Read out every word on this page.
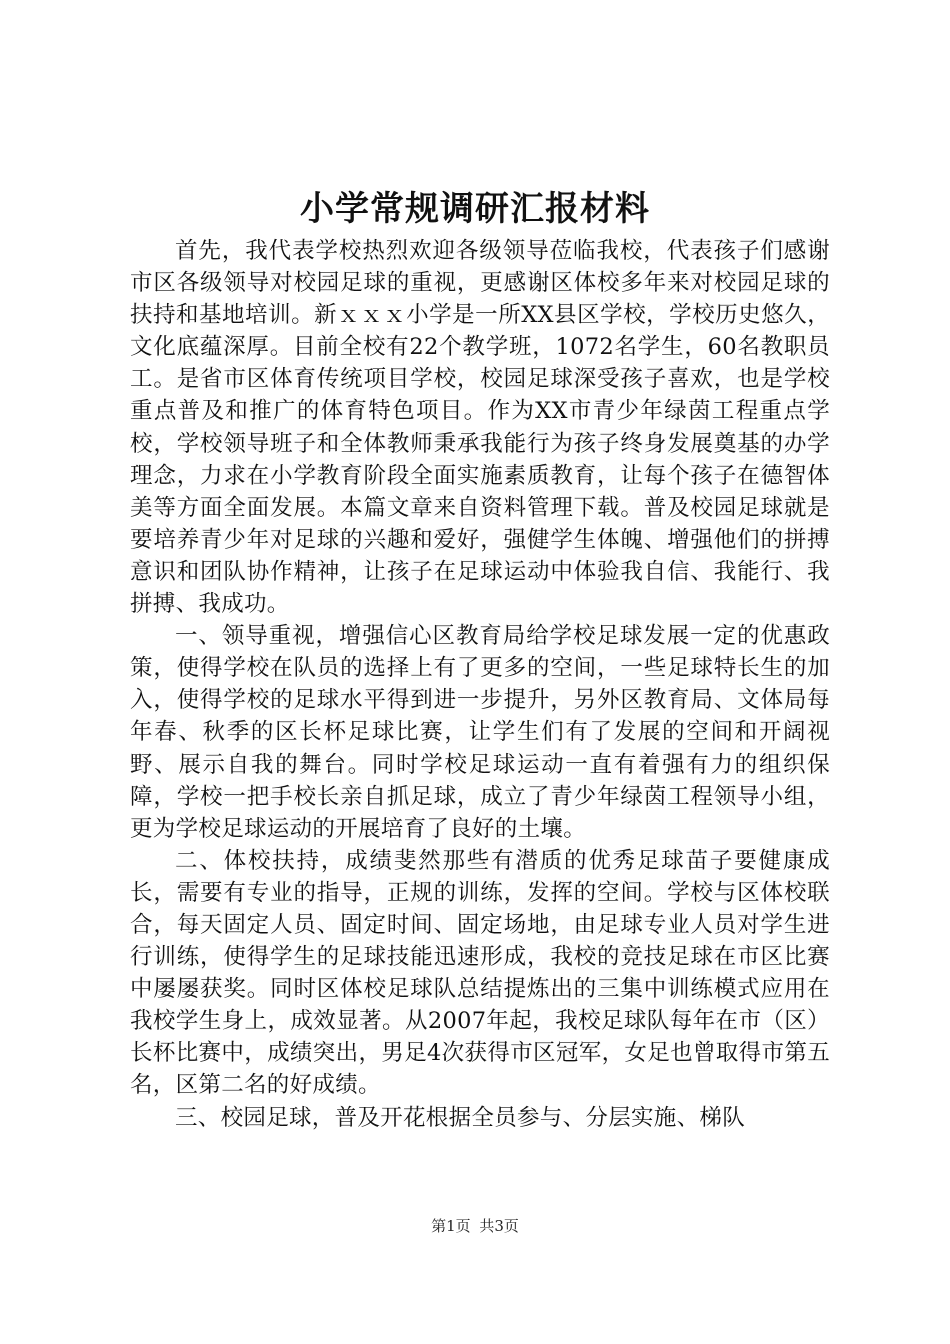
小学常规调研汇报材料

首先，我代表学校热烈欢迎各级领导莅临我校，代表孩子们感谢市区各级领导对校园足球的重视，更感谢区体校多年来对校园足球的扶持和基地培训。新ｘｘｘ小学是一所XX县区学校，学校历史悠久，文化底蕴深厚。目前全校有22个教学班，1072名学生，60名教职员工。是省市区体育传统项目学校，校园足球深受孩子喜欢，也是学校重点普及和推广的体育特色项目。作为XX市青少年绿茵工程重点学校，学校领导班子和全体教师秉承我能行为孩子终身发展奠基的办学理念，力求在小学教育阶段全面实施素质教育，让每个孩子在德智体美等方面全面发展。本篇文章来自资料管理下载。普及校园足球就是要培养青少年对足球的兴趣和爱好，强健学生体魄、增强他们的拼搏意识和团队协作精神，让孩子在足球运动中体验我自信、我能行、我拼搏、我成功。

一、领导重视，增强信心区教育局给学校足球发展一定的优惠政策，使得学校在队员的选择上有了更多的空间，一些足球特长生的加入，使得学校的足球水平得到进一步提升，另外区教育局、文体局每年春、秋季的区长杯足球比赛，让学生们有了发展的空间和开阔视野、展示自我的舞台。同时学校足球运动一直有着强有力的组织保障，学校一把手校长亲自抓足球，成立了青少年绿茵工程领导小组，更为学校足球运动的开展培育了良好的土壤。

二、体校扶持，成绩斐然那些有潜质的优秀足球苗子要健康成长，需要有专业的指导，正规的训练，发挥的空间。学校与区体校联合，每天固定人员、固定时间、固定场地，由足球专业人员对学生进行训练，使得学生的足球技能迅速形成，我校的竞技足球在市区比赛中屡屡获奖。同时区体校足球队总结提炼出的三集中训练模式应用在我校学生身上，成效显著。从2007年起，我校足球队每年在市（区）长杯比赛中，成绩突出，男足4次获得市区冠军，女足也曾取得市第五名，区第二名的好成绩。

三、校园足球，普及开花根据全员参与、分层实施、梯队

第1页 共3页
